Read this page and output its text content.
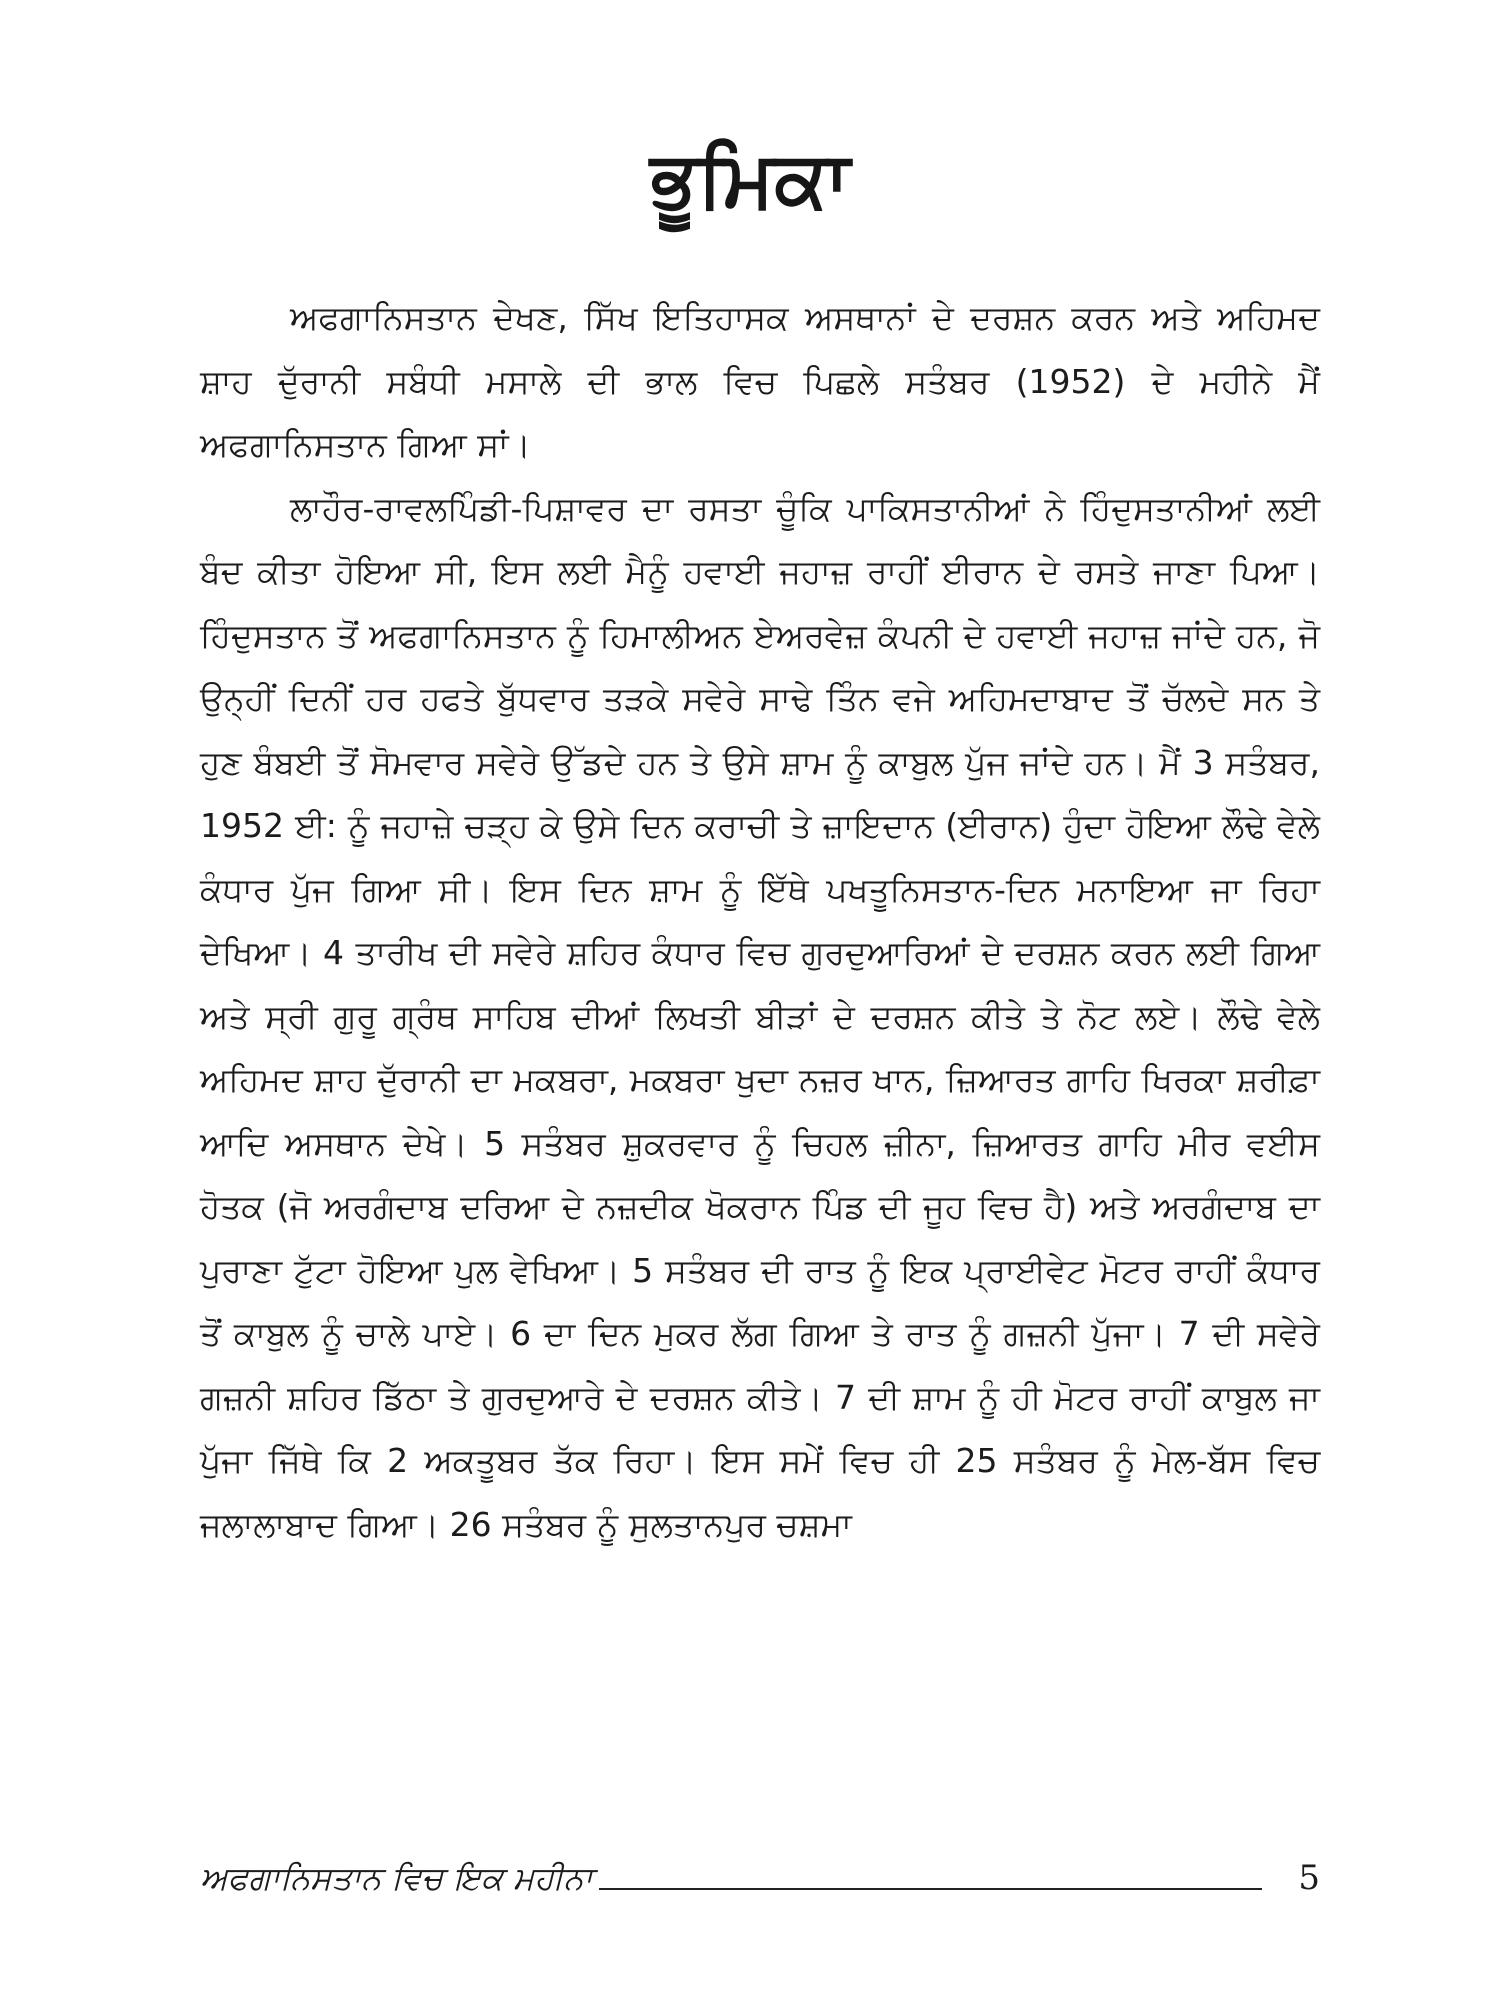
ਭੂਮਿਕਾ

ਅਫਗਾਨਿਸਤਾਨ ਦੇਖਣ, ਸਿੱਖ ਇਤਿਹਾਸਕ ਅਸਥਾਨਾਂ ਦੇ ਦਰਸ਼ਨ ਕਰਨ ਅਤੇ ਅਹਿਮਦ ਸ਼ਾਹ ਦੁੱਰਾਨੀ ਸਬੰਧੀ ਮਸਾਲੇ ਦੀ ਭਾਲ ਵਿਚ ਪਿਛਲੇ ਸਤੰਬਰ (1952) ਦੇ ਮਹੀਨੇ ਮੈਂ ਅਫਗਾਨਿਸਤਾਨ ਗਿਆ ਸਾਂ।

ਲਾਹੌਰ-ਰਾਵਲਪਿੰਡੀ-ਪਿਸ਼ਾਵਰ ਦਾ ਰਸਤਾ ਚੂੰਕਿ ਪਾਕਿਸਤਾਨੀਆਂ ਨੇ ਹਿੰਦੁਸਤਾਨੀਆਂ ਲਈ ਬੰਦ ਕੀਤਾ ਹੋਇਆ ਸੀ, ਇਸ ਲਈ ਮੈਨੂੰ ਹਵਾਈ ਜਹਾਜ਼ ਰਾਹੀਂ ਈਰਾਨ ਦੇ ਰਸਤੇ ਜਾਣਾ ਪਿਆ। ਹਿੰਦੁਸਤਾਨ ਤੋਂ ਅਫਗਾਨਿਸਤਾਨ ਨੂੰ ਹਿਮਾਲੀਅਨ ਏਅਰਵੇਜ਼ ਕੰਪਨੀ ਦੇ ਹਵਾਈ ਜਹਾਜ਼ ਜਾਂਦੇ ਹਨ, ਜੋ ਉਨ੍ਹੀਂ ਦਿਨੀਂ ਹਰ ਹਫਤੇ ਬੁੱਧਵਾਰ ਤੜਕੇ ਸਵੇਰੇ ਸਾਢੇ ਤਿੰਨ ਵਜੇ ਅਹਿਮਦਾਬਾਦ ਤੋਂ ਚੱਲਦੇ ਸਨ ਤੇ ਹੁਣ ਬੰਬਈ ਤੋਂ ਸੋਮਵਾਰ ਸਵੇਰੇ ਉੱਡਦੇ ਹਨ ਤੇ ਉਸੇ ਸ਼ਾਮ ਨੂੰ ਕਾਬੁਲ ਪੁੱਜ ਜਾਂਦੇ ਹਨ। ਮੈਂ 3 ਸਤੰਬਰ, 1952 ਈ: ਨੂੰ ਜਹਾਜ਼ੇ ਚੜ੍ਹ ਕੇ ਉਸੇ ਦਿਨ ਕਰਾਚੀ ਤੇ ਜ਼ਾਇਦਾਨ (ਈਰਾਨ) ਹੁੰਦਾ ਹੋਇਆ ਲੌਢੇ ਵੇਲੇ ਕੰਧਾਰ ਪੁੱਜ ਗਿਆ ਸੀ। ਇਸ ਦਿਨ ਸ਼ਾਮ ਨੂੰ ਇੱਥੇ ਪਖਤੂਨਿਸਤਾਨ-ਦਿਨ ਮਨਾਇਆ ਜਾ ਰਿਹਾ ਦੇਖਿਆ। 4 ਤਾਰੀਖ ਦੀ ਸਵੇਰੇ ਸ਼ਹਿਰ ਕੰਧਾਰ ਵਿਚ ਗੁਰਦੁਆਰਿਆਂ ਦੇ ਦਰਸ਼ਨ ਕਰਨ ਲਈ ਗਿਆ ਅਤੇ ਸ੍ਰੀ ਗੁਰੂ ਗ੍ਰੰਥ ਸਾਹਿਬ ਦੀਆਂ ਲਿਖਤੀ ਬੀੜਾਂ ਦੇ ਦਰਸ਼ਨ ਕੀਤੇ ਤੇ ਨੋਟ ਲਏ। ਲੌਢੇ ਵੇਲੇ ਅਹਿਮਦ ਸ਼ਾਹ ਦੁੱਰਾਨੀ ਦਾ ਮਕਬਰਾ, ਮਕਬਰਾ ਖੁਦਾ ਨਜ਼ਰ ਖਾਨ, ਜ਼ਿਆਰਤ ਗਾਹਿ ਖਿਰਕਾ ਸ਼ਰੀਫ਼ਾ ਆਦਿ ਅਸਥਾਨ ਦੇਖੇ। 5 ਸਤੰਬਰ ਸ਼ੁਕਰਵਾਰ ਨੂੰ ਚਿਹਲ ਜ਼ੀਨਾ, ਜ਼ਿਆਰਤ ਗਾਹਿ ਮੀਰ ਵਈਸ ਹੋਤਕ (ਜੋ ਅਰਗੰਦਾਬ ਦਰਿਆ ਦੇ ਨਜ਼ਦੀਕ ਖੋਕਰਾਨ ਪਿੰਡ ਦੀ ਜੂਹ ਵਿਚ ਹੈ) ਅਤੇ ਅਰਗੰਦਾਬ ਦਾ ਪੁਰਾਣਾ ਟੁੱਟਾ ਹੋਇਆ ਪੁਲ ਵੇਖਿਆ। 5 ਸਤੰਬਰ ਦੀ ਰਾਤ ਨੂੰ ਇਕ ਪ੍ਰਾਈਵੇਟ ਮੋਟਰ ਰਾਹੀਂ ਕੰਧਾਰ ਤੋਂ ਕਾਬੁਲ ਨੂੰ ਚਾਲੇ ਪਾਏ। 6 ਦਾ ਦਿਨ ਮੁਕਰ ਲੱਗ ਗਿਆ ਤੇ ਰਾਤ ਨੂੰ ਗਜ਼ਨੀ ਪੁੱਜਾ। 7 ਦੀ ਸਵੇਰੇ ਗਜ਼ਨੀ ਸ਼ਹਿਰ ਡਿੱਠਾ ਤੇ ਗੁਰਦੁਆਰੇ ਦੇ ਦਰਸ਼ਨ ਕੀਤੇ। 7 ਦੀ ਸ਼ਾਮ ਨੂੰ ਹੀ ਮੋਟਰ ਰਾਹੀਂ ਕਾਬੁਲ ਜਾ ਪੁੱਜਾ ਜਿੱਥੇ ਕਿ 2 ਅਕਤੂਬਰ ਤੱਕ ਰਿਹਾ। ਇਸ ਸਮੇਂ ਵਿਚ ਹੀ 25 ਸਤੰਬਰ ਨੂੰ ਮੇਲ-ਬੱਸ ਵਿਚ ਜਲਾਲਾਬਾਦ ਗਿਆ। 26 ਸਤੰਬਰ ਨੂੰ ਸੁਲਤਾਨਪੁਰ ਚਸ਼ਮਾ

ਅਫਗਾਨਿਸਤਾਨ ਵਿਚ ਇਕ ਮਹੀਨਾ	5
